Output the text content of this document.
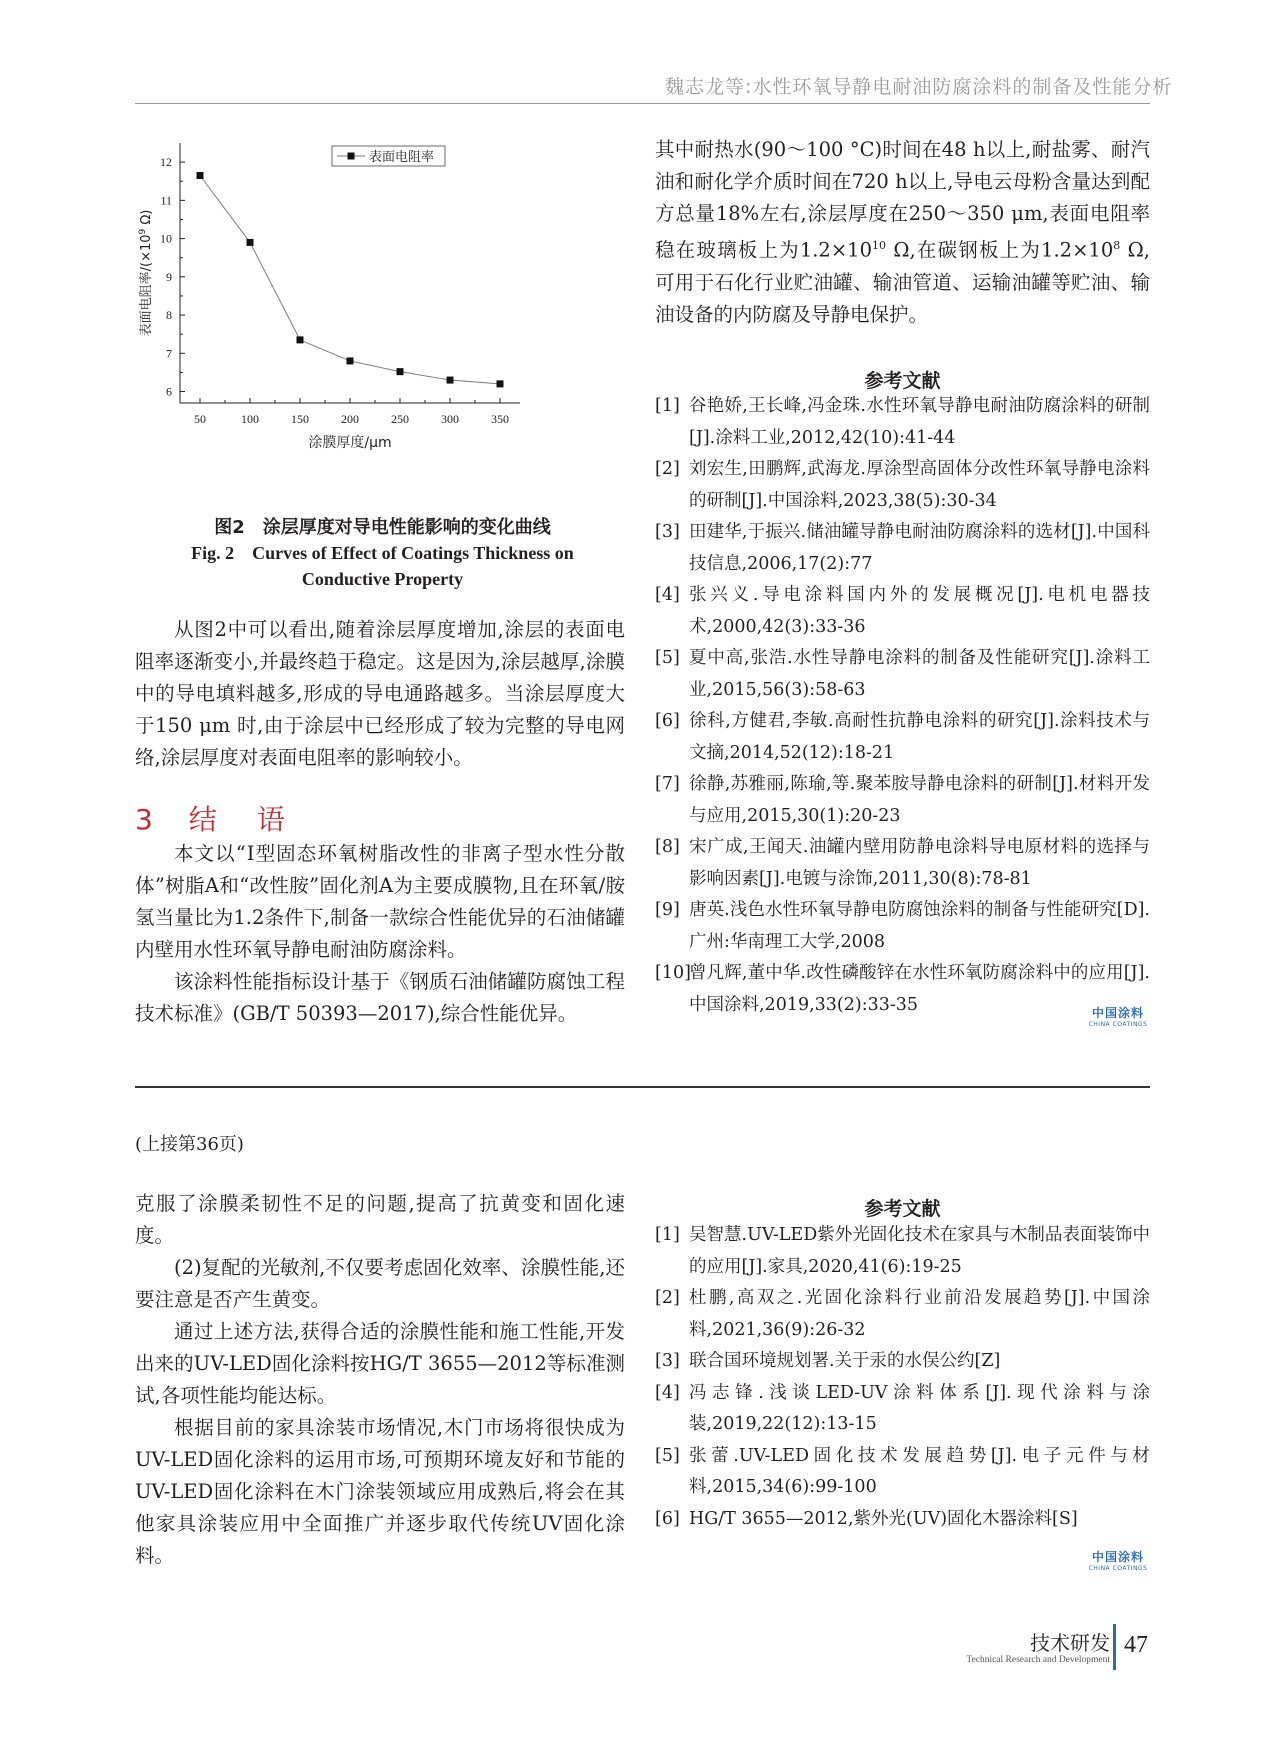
魏志龙等:水性环氧导静电耐油防腐涂料的制备及性能分析
50	100	150	200	250	300	350
6
7
8
9
10
11
12	表面电阻率
涂膜厚度/μm
表面电阻率$/(\times 10^9$ Ω)
图2　涂层厚度对导电性能影响的变化曲线
Fig. 2　Curves of Effect of Coatings Thickness on
Conductive Property

从图2中可以看出,随着涂层厚度增加,涂层的表面电阻率逐渐变小,并最终趋于稳定。这是因为,涂层越厚,涂膜中的导电填料越多,形成的导电通路越多。当涂层厚度大于150 μm 时,由于涂层中已经形成了较为完整的导电网络,涂层厚度对表面电阻率的影响较小。

3 结　语

本文以“Ⅰ型固态环氧树脂改性的非离子型水性分散体”树脂A和“改性胺”固化剂A为主要成膜物,且在环氧/胺氢当量比为1.2条件下,制备一款综合性能优异的石油储罐内壁用水性环氧导静电耐油防腐涂料。

该涂料性能指标设计基于《钢质石油储罐防腐蚀工程技术标准》(GB/T 50393—2017),综合性能优异。

其中耐热水(90～100 °C)时间在48 h以上,耐盐雾、耐汽油和耐化学介质时间在720 h以上,导电云母粉含量达到配方总量18%左右,涂层厚度在250～350 μm,表面电阻率稳在玻璃板上为$1.2\times 10^{10}$ Ω,在碳钢板上为$1.2\times 10^8$ Ω,可用于石化行业贮油罐、输油管道、运输油罐等贮油、输油设备的内防腐及导静电保护。

参考文献
[1] 谷艳娇,王长峰,冯金珠.水性环氧导静电耐油防腐涂料的研制[J].涂料工业,2012,42(10):41-44
[2] 刘宏生,田鹏辉,武海龙.厚涂型高固体分改性环氧导静电涂料的研制[J].中国涂料,2023,38(5):30-34
[3] 田建华,于振兴.储油罐导静电耐油防腐涂料的选材[J].中国科技信息,2006,17(2):77
[4] 张兴义.导电涂料国内外的发展概况[J].电机电器技术,2000,42(3):33-36
[5] 夏中高,张浩.水性导静电涂料的制备及性能研究[J].涂料工业,2015,56(3):58-63
[6] 徐科,方健君,李敏.高耐性抗静电涂料的研究[J].涂料技术与文摘,2014,52(12):18-21
[7] 徐静,苏雅丽,陈瑜,等.聚苯胺导静电涂料的研制[J].材料开发与应用,2015,30(1):20-23
[8] 宋广成,王闻天.油罐内壁用防静电涂料导电原材料的选择与影响因素[J].电镀与涂饰,2011,30(8):78-81
[9] 唐英.浅色水性环氧导静电防腐蚀涂料的制备与性能研究[D].广州:华南理工大学,2008
[10]
曾凡辉,董中华.改性磷酸锌在水性环氧防腐涂料中的应用[J].中国涂料,2019,33(2):33-35	中国涂料
CHINA COATINGS
(上接第36页)

克服了涂膜柔韧性不足的问题,提高了抗黄变和固化速度。

(2)复配的光敏剂,不仅要考虑固化效率、涂膜性能,还要注意是否产生黄变。

通过上述方法,获得合适的涂膜性能和施工性能,开发出来的UV-LED固化涂料按HG/T 3655—2012等标准测试,各项性能均能达标。

根据目前的家具涂装市场情况,木门市场将很快成为UV-LED固化涂料的运用市场,可预期环境友好和节能的UV-LED固化涂料在木门涂装领域应用成熟后,将会在其他家具涂装应用中全面推广并逐步取代传统UV固化涂料。

参考文献
[1] 吴智慧.UV-LED紫外光固化技术在家具与木制品表面装饰中的应用[J].家具,2020,41(6):19-25
[2] 杜鹏,高双之.光固化涂料行业前沿发展趋势[J].中国涂料,2021,36(9):26-32
[3] 联合国环境规划署.关于汞的水俣公约[Z]
[4] 冯志锋.浅谈LED-UV涂料体系[J].现代涂料与涂装,2019,22(12):13-15
[5] 张蕾.UV-LED固化技术发展趋势[J].电子元件与材料,2015,34(6):99-100
[6] HG/T 3655—2012,紫外光(UV)固化木器涂料[S]
中国涂料
CHINA COATINGS
技术研发
Technical Research and Development
47
